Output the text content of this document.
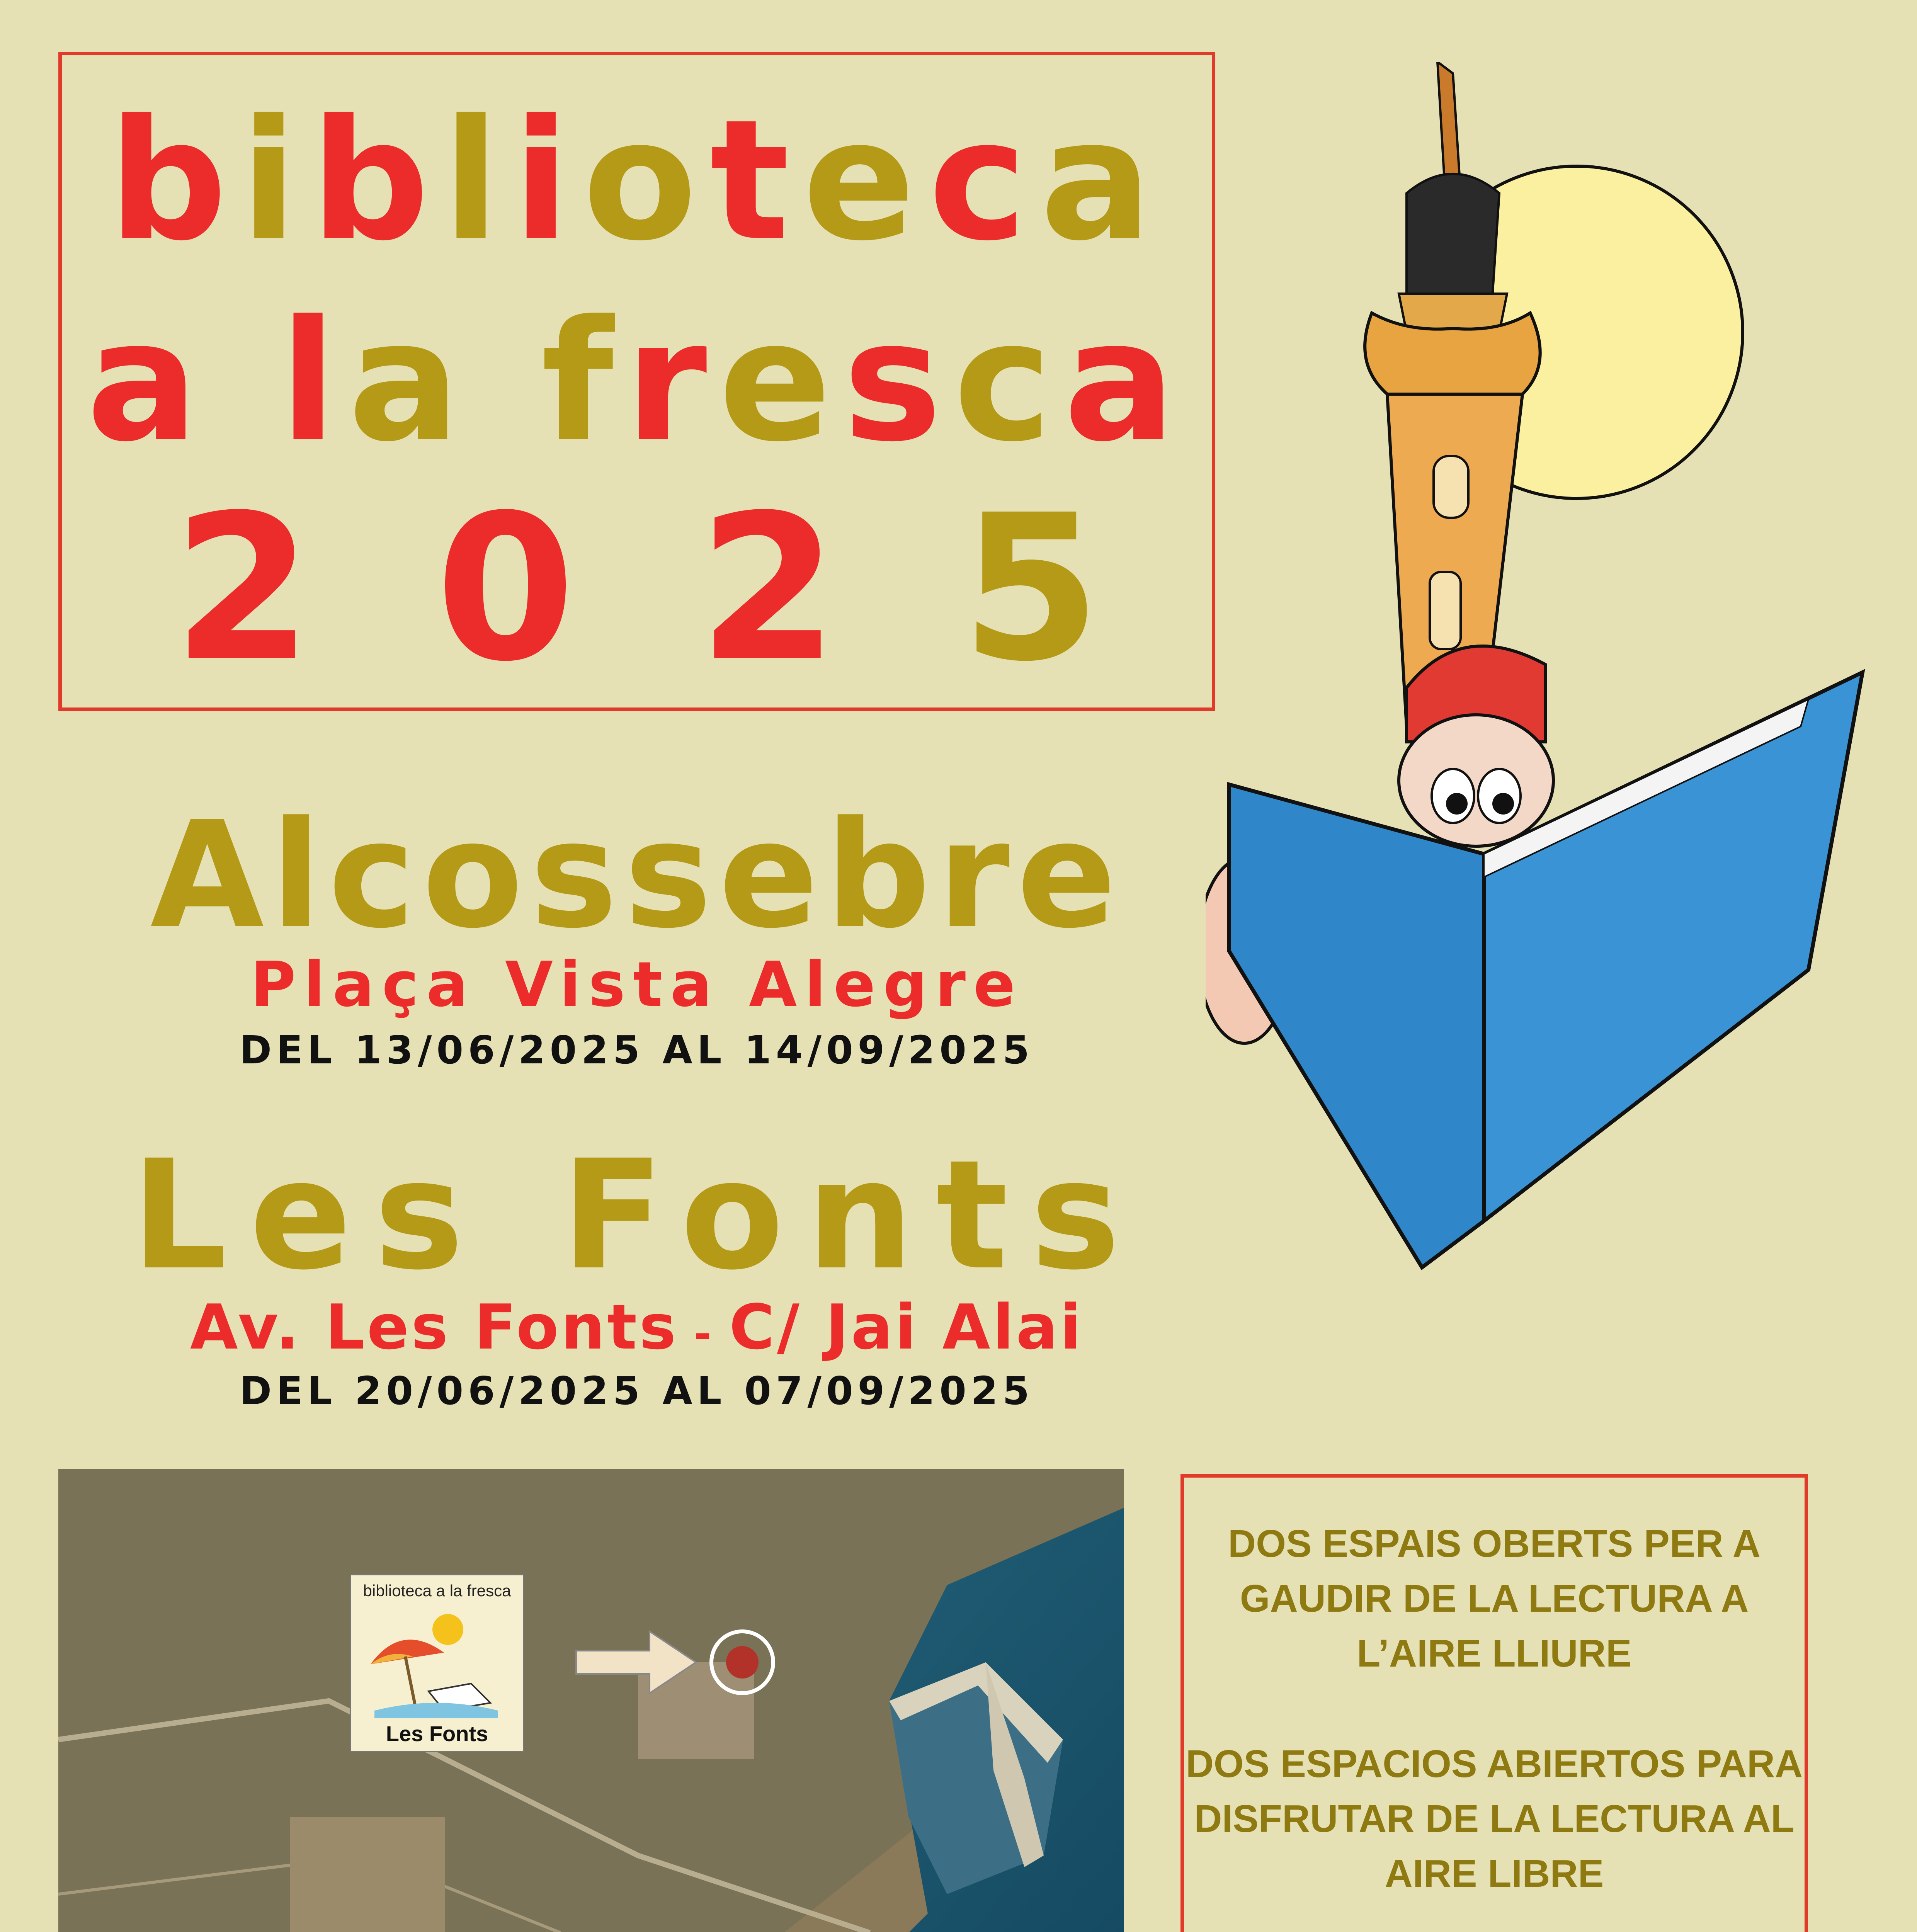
biblioteca
a la fresca
2 0 2 5
Alcossebre
Plaça Vista Alegre
DEL 13/06/2025 AL 14/09/2025
Les Fonts
Av. Les Fonts - C/ Jai Alai
DEL 20/06/2025 AL 07/09/2025
biblioteca a la fresca
Les Fonts
DOS ESPAIS OBERTS PER A
GAUDIR DE LA LECTURA A
L’AIRE LLIURE
DOS ESPACIOS ABIERTOS PARA
DISFRUTAR DE LA LECTURA AL
AIRE LIBRE
